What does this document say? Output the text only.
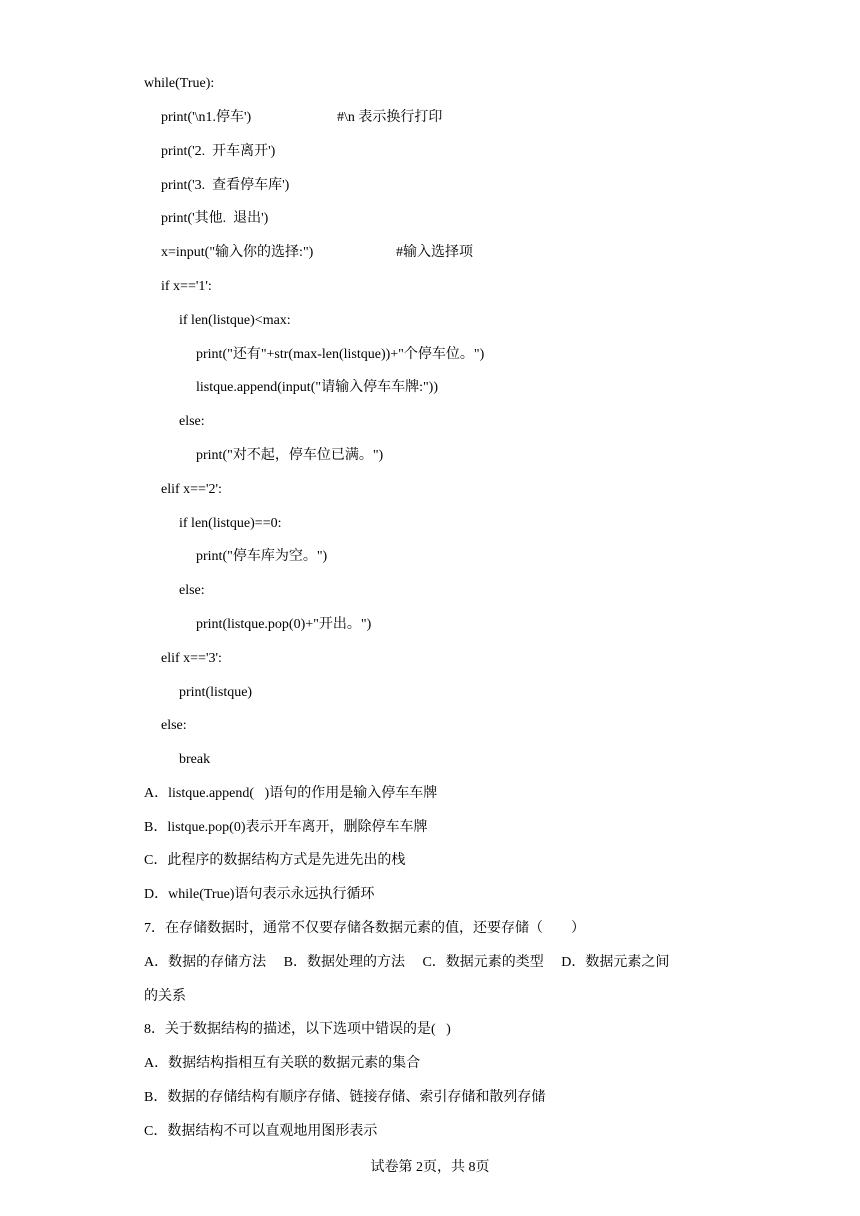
while(True):
print('\n1.停车')	#\n 表示换行打印
print('2.  开车离开')
print('3.  查看停车库')
print('其他.  退出')
x=input("输入你的选择:")	#输入选择项
if x=='1':
if len(listque)<max:
print("还有"+str(max-len(listque))+"个停车位。")
listque.append(input("请输入停车车牌:"))
else:
print("对不起，停车位已满。")
elif x=='2':
if len(listque)==0:
print("停车库为空。")
else:
print(listque.pop(0)+"开出。")
elif x=='3':
print(listque)
else:
break
A．listque.append(   )语句的作用是输入停车车牌
B．listque.pop(0)表示开车离开，删除停车车牌
C．此程序的数据结构方式是先进先出的栈
D．while(True)语句表示永远执行循环
7．在存储数据时，通常不仅要存储各数据元素的值，还要存储（        ）
A．数据的存储方法     B．数据处理的方法     C．数据元素的类型     D．数据元素之间
的关系
8．关于数据结构的描述，以下选项中错误的是(   )
A．数据结构指相互有关联的数据元素的集合
B．数据的存储结构有顺序存储、链接存储、索引存储和散列存储
C．数据结构不可以直观地用图形表示
试卷第 2页，共 8页
